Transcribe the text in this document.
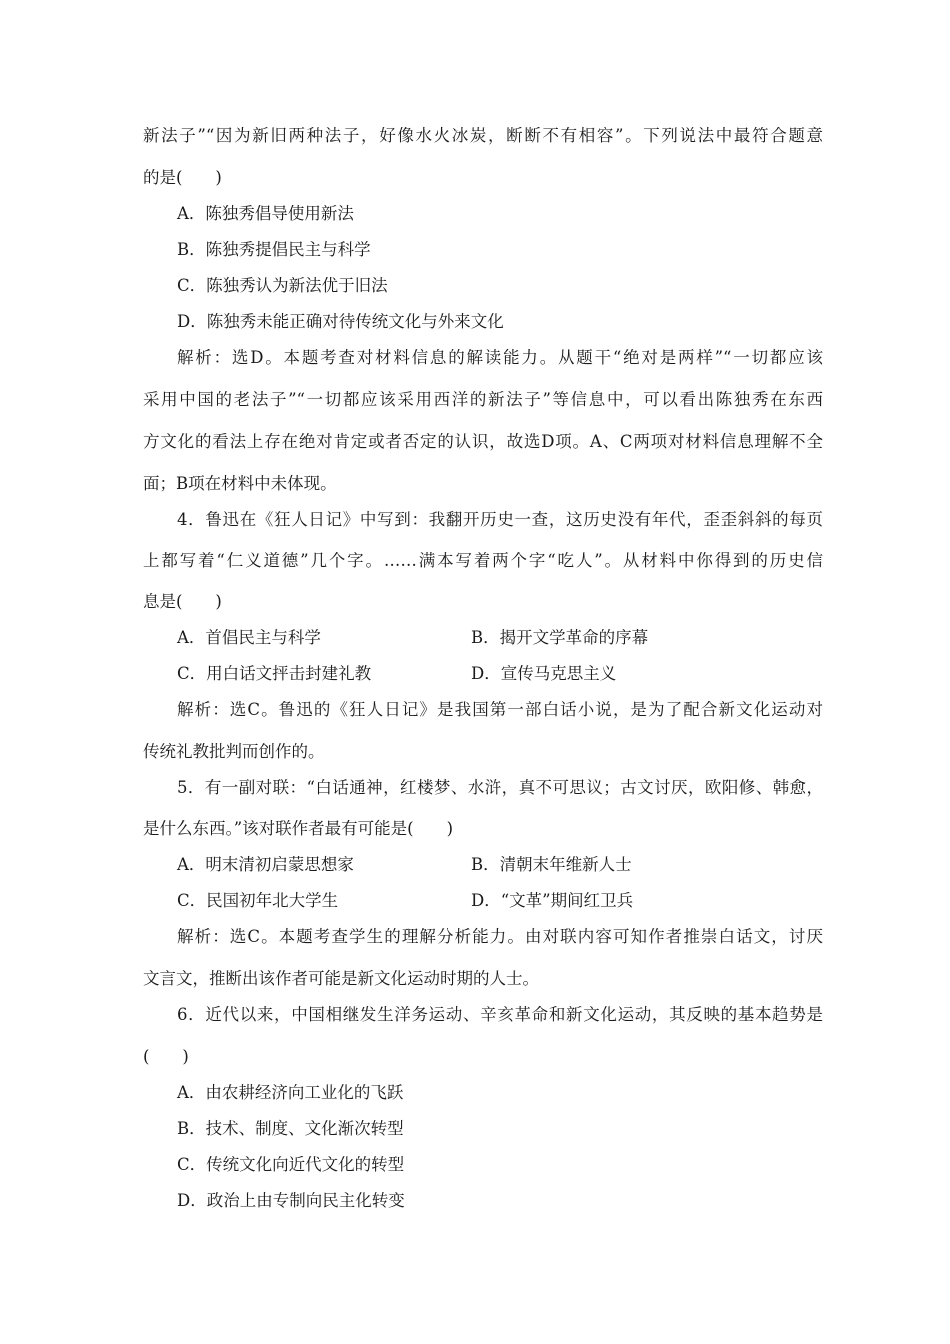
新法子”“因为新旧两种法子，好像水火冰炭，断断不有相容”。下列说法中最符合题意
的是(　　)
A．陈独秀倡导使用新法
B．陈独秀提倡民主与科学
C．陈独秀认为新法优于旧法
D．陈独秀未能正确对待传统文化与外来文化
解析：选D。本题考查对材料信息的解读能力。从题干“绝对是两样”“一切都应该
采用中国的老法子”“一切都应该采用西洋的新法子”等信息中，可以看出陈独秀在东西
方文化的看法上存在绝对肯定或者否定的认识，故选D项。A、C两项对材料信息理解不全
面；B项在材料中未体现。
4．鲁迅在《狂人日记》中写到：我翻开历史一查，这历史没有年代，歪歪斜斜的每页
上都写着“仁义道德”几个字。……满本写着两个字“吃人”。从材料中你得到的历史信
息是(　　)
A．首倡民主与科学	B．揭开文学革命的序幕
C．用白话文抨击封建礼教	D．宣传马克思主义
解析：选C。鲁迅的《狂人日记》是我国第一部白话小说，是为了配合新文化运动对
传统礼教批判而创作的。
5．有一副对联：“白话通神，红楼梦、水浒，真不可思议；古文讨厌，欧阳修、韩愈，
是什么东西。”该对联作者最有可能是(　　)
A．明末清初启蒙思想家	B．清朝末年维新人士
C．民国初年北大学生	D．“文革”期间红卫兵
解析：选C。本题考查学生的理解分析能力。由对联内容可知作者推崇白话文，讨厌
文言文，推断出该作者可能是新文化运动时期的人士。
6．近代以来，中国相继发生洋务运动、辛亥革命和新文化运动，其反映的基本趋势是
(　　)
A．由农耕经济向工业化的飞跃
B．技术、制度、文化渐次转型
C．传统文化向近代文化的转型
D．政治上由专制向民主化转变
